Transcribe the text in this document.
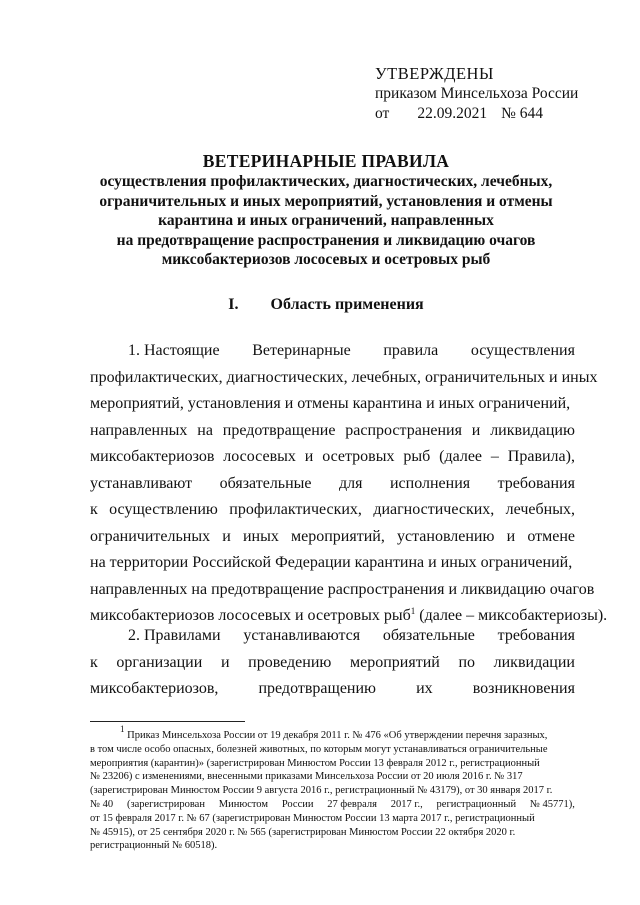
УТВЕРЖДЕНЫ
приказом Минсельхоза России
от 22.09.2021 № 644
ВЕТЕРИНАРНЫЕ ПРАВИЛА
осуществления профилактических, диагностических, лечебных,
ограничительных и иных мероприятий, установления и отмены
карантина и иных ограничений, направленных
на предотвращение распространения и ликвидацию очагов
миксобактериозов лососевых и осетровых рыб
I. Область применения
1. Настоящие Ветеринарные правила осуществления
профилактических, диагностических, лечебных, ограничительных и иных
мероприятий, установления и отмены карантина и иных ограничений,
направленных на предотвращение распространения и ликвидацию
миксобактериозов лососевых и осетровых рыб (далее – Правила),
устанавливают обязательные для исполнения требования
к осуществлению профилактических, диагностических, лечебных,
ограничительных и иных мероприятий, установлению и отмене
на территории Российской Федерации карантина и иных ограничений,
направленных на предотвращение распространения и ликвидацию очагов
миксобактериозов лососевых и осетровых рыб$^1$ (далее – миксобактериозы).
2. Правилами устанавливаются обязательные требования
к организации и проведению мероприятий по ликвидации
миксобактериозов,	предотвращению	их	возникновения
$^1$ Приказ Минсельхоза России от 19 декабря 2011 г. № 476 «Об утверждении перечня заразных,
в том числе особо опасных, болезней животных, по которым могут устанавливаться ограничительные
мероприятия (карантин)» (зарегистрирован Минюстом России 13 февраля 2012 г., регистрационный
№ 23206) с изменениями, внесенными приказами Минсельхоза России от 20 июля 2016 г. № 317
(зарегистрирован Минюстом России 9 августа 2016 г., регистрационный № 43179), от 30 января 2017 г.
№ 40 (зарегистрирован Минюстом России 27 февраля 2017 г., регистрационный № 45771),
от 15 февраля 2017 г. № 67 (зарегистрирован Минюстом России 13 марта 2017 г., регистрационный
№ 45915), от 25 сентября 2020 г. № 565 (зарегистрирован Минюстом России 22 октября 2020 г.
регистрационный № 60518).
